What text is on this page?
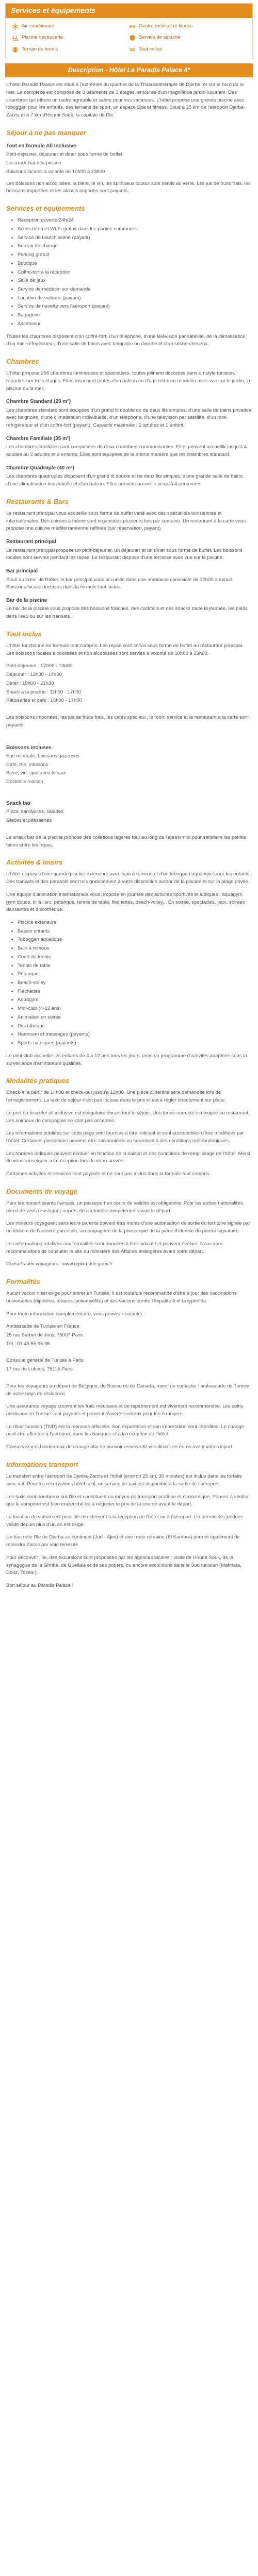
Services et équipements
Air conditionné	Centre médical et fitness
Piscine découverte	Service de sécurité
Terrain de tennis	Tout inclus
Description - Hôtel Le Paradis Palace 4*

L'hôtel Paradis Palace est situé à l'extrémité du quartier de la Thalassothérapie de Djerba, et sur le bord de la mer. Le complexe est composé de 3 bâtiments de 3 étages, entourés d'un magnifique jardin luxuriant. Des chambres qui offrent un cadre agréable et calme pour vos vacances. L'hôtel propose une grande piscine avec toboggan pour les enfants, des terrains de sport, un espace Spa et fitness. Situé à 25 km de l'aéroport Djerba-Zarzis et à 7 km d'Houmt Souk, la capitale de l'île.

Séjour à ne pas manquer
Tout en formule All Inclusive
Petit-déjeuner, déjeuner et dîner sous forme de buffet
Un snack-bar à la piscine
Boissons locales à volonté de 10h00 à 23h00

Les boissons non alcoolisées, la bière, le vin, les spiritueux locaux sont servis au verre. Les jus de fruits frais, les boissons importées et les alcools importés sont payants.

Services et équipements
• Réception ouverte 24h/24
• Accès Internet Wi-Fi gratuit dans les parties communes
• Service de blanchisserie (payant)
• Bureau de change
• Parking gratuit
• Boutique
• Coffre-fort à la réception
• Salle de jeux
• Service de médecin sur demande
• Location de voitures (payant)
• Service de navette vers l'aéroport (payant)
• Bagagerie
• Ascenseur

Toutes les chambres disposent d'un coffre-fort, d'un téléphone, d'une télévision par satellite, de la climatisation, d'un mini-réfrigérateur, d'une salle de bains avec baignoire ou douche et d'un sèche-cheveux.

Chambres

L'hôtel propose 256 chambres lumineuses et spacieuses, toutes joliment décorées dans un style tunisien, réparties sur trois étages. Elles disposent toutes d'un balcon ou d'une terrasse meublée avec vue sur le jardin, la piscine ou la mer.

Chambre Standard (20 m²)

Les chambres standard sont équipées d'un grand lit double ou de deux lits simples, d'une salle de bains privative avec baignoire, d'une climatisation individuelle, d'un téléphone, d'une télévision par satellite, d'un mini-réfrigérateur et d'un coffre-fort (payant). Capacité maximale : 2 adultes et 1 enfant.

Chambre Familiale (35 m²)

Les chambres familiales sont composées de deux chambres communicantes. Elles peuvent accueillir jusqu'à 4 adultes ou 2 adultes et 2 enfants. Elles sont équipées de la même manière que les chambres standard.

Chambre Quadruple (40 m²)

Les chambres quadruples disposent d'un grand lit double et de deux lits simples, d'une grande salle de bains, d'une climatisation individuelle et d'un balcon. Elles peuvent accueillir jusqu'à 4 personnes.

Restaurants & Bars

Le restaurant principal vous accueille sous forme de buffet varié avec des spécialités tunisiennes et internationales. Des soirées à thème sont organisées plusieurs fois par semaine. Un restaurant à la carte vous propose une cuisine méditerranéenne raffinée (sur réservation, payant).

Restaurant principal

Le restaurant principal propose un petit-déjeuner, un déjeuner et un dîner sous forme de buffet. Les boissons locales sont servies pendant les repas. Le restaurant dispose d'une terrasse avec vue sur la piscine.

Bar principal

Situé au cœur de l'hôtel, le bar principal vous accueille dans une ambiance conviviale de 10h00 à minuit. Boissons locales incluses dans la formule tout inclus.

Bar de la piscine

Le bar de la piscine vous propose des boissons fraîches, des cocktails et des snacks toute la journée, les pieds dans l'eau ou sur les transats.

Tout inclus

L'hôtel fonctionne en formule tout compris. Les repas sont servis sous forme de buffet au restaurant principal. Les boissons locales alcoolisées et non alcoolisées sont servies à volonté de 10h00 à 23h00.

Petit-déjeuner : 07h00 - 10h00
Déjeuner : 12h30 - 14h30
Dîner : 19h00 - 21h30
Snack à la piscine : 11h00 - 17h00
Pâtisseries et café : 16h00 - 17h00

Les boissons importées, les jus de fruits frais, les cafés spéciaux, le room service et le restaurant à la carte sont payants.

Boissons incluses
Eau minérale, boissons gazeuses
Café, thé, infusions
Bière, vin, spiritueux locaux
Cocktails maison
Snack bar
Pizza, sandwichs, salades
Glaces et pâtisseries

Le snack bar de la piscine propose des collations légères tout au long de l'après-midi pour satisfaire les petites faims entre les repas.

Activités & loisirs

L'hôtel dispose d'une grande piscine extérieure avec bain à remous et d'un toboggan aquatique pour les enfants. Des transats et des parasols sont mis gratuitement à votre disposition autour de la piscine et sur la plage privée.

Une équipe d'animation internationale vous propose en journée des activités sportives et ludiques : aquagym, gym douce, tir à l'arc, pétanque, tennis de table, fléchettes, beach-volley... En soirée, spectacles, jeux, soirées dansantes et discothèque.

• Piscine extérieure
• Bassin enfants
• Toboggan aquatique
• Bain à remous
• Court de tennis
• Tennis de table
• Pétanque
• Beach-volley
• Fléchettes
• Aquagym
• Mini-club (4-12 ans)
• Animation en soirée
• Discothèque
• Hammam et massages (payants)
• Sports nautiques (payants)

Le mini-club accueille les enfants de 4 à 12 ans tous les jours, avec un programme d'activités adaptées sous la surveillance d'animateurs qualifiés.

Modalités pratiques

Check-in à partir de 14h00 et check-out jusqu'à 12h00. Une pièce d'identité sera demandée lors de l'enregistrement. La taxe de séjour n'est pas incluse dans le prix et est à régler directement sur place.

Le port du bracelet all inclusive est obligatoire durant tout le séjour. Une tenue correcte est exigée au restaurant. Les animaux de compagnie ne sont pas acceptés.

Les informations publiées sur cette page sont fournies à titre indicatif et sont susceptibles d'être modifiées par l'hôtel. Certaines prestations peuvent être saisonnières ou soumises à des conditions météorologiques.

Les horaires indiqués peuvent évoluer en fonction de la saison et des conditions de remplissage de l'hôtel. Merci de vous renseigner à la réception lors de votre arrivée.

Certaines activités et services sont payants et ne sont pas inclus dans la formule tout compris.

Documents de voyage

Pour les ressortissants français, un passeport en cours de validité est obligatoire. Pour les autres nationalités, merci de vous renseigner auprès des autorités compétentes avant le départ.

Les mineurs voyageant sans leurs parents doivent être munis d'une autorisation de sortie du territoire signée par un titulaire de l'autorité parentale, accompagnée de la photocopie de la pièce d'identité du parent signataire.

Les informations relatives aux formalités sont données à titre indicatif et peuvent évoluer. Nous vous recommandons de consulter le site du ministère des Affaires étrangères avant votre départ.

Conseils aux voyageurs : www.diplomatie.gouv.fr

Formalités

Aucun vaccin n'est exigé pour entrer en Tunisie. Il est toutefois recommandé d'être à jour des vaccinations universelles (diphtérie, tétanos, poliomyélite) et des vaccins contre l'hépatite A et la typhoïde.

Pour toute information complémentaire, vous pouvez contacter :

Ambassade de Tunisie en France
25 rue Barbet de Jouy, 75007 Paris
Tél : 01 45 55 95 98
Consulat général de Tunisie à Paris
17 rue de Lubeck, 75116 Paris

Pour les voyageurs au départ de Belgique, de Suisse ou du Canada, merci de contacter l'ambassade de Tunisie de votre pays de résidence.

Une assurance voyage couvrant les frais médicaux et de rapatriement est vivement recommandée. Les soins médicaux en Tunisie sont payants et peuvent s'avérer coûteux pour les étrangers.

Le dinar tunisien (TND) est la monnaie officielle. Son exportation et son importation sont interdites. Le change peut être effectué à l'aéroport, dans les banques et à la réception de l'hôtel.

Conservez vos bordereaux de change afin de pouvoir reconvertir vos dinars en euros avant votre départ.

Informations transport

Le transfert entre l'aéroport de Djerba-Zarzis et l'hôtel (environ 25 km, 30 minutes) est inclus dans les forfaits avec vol. Pour les réservations hôtel seul, un service de taxi est disponible à la sortie de l'aéroport.

Les taxis sont nombreux sur l'île et constituent un moyen de transport pratique et économique. Pensez à vérifier que le compteur est bien enclenché ou à négocier le prix de la course avant le départ.

La location de voiture est possible directement à la réception de l'hôtel ou à l'aéroport. Un permis de conduire valide depuis plus d'un an est exigé.

Un bac relie l'île de Djerba au continent (Jorf - Ajim) et une route romaine (El Kantara) permet également de rejoindre Zarzis par voie terrestre.

Pour découvrir l'île, des excursions sont proposées par les agences locales : visite de Houmt Souk, de la synagogue de la Ghriba, de Guellala et de ses potiers, ou encore excursions dans le Sud tunisien (Matmata, Douz, Tozeur).

Bon séjour au Paradis Palace !
